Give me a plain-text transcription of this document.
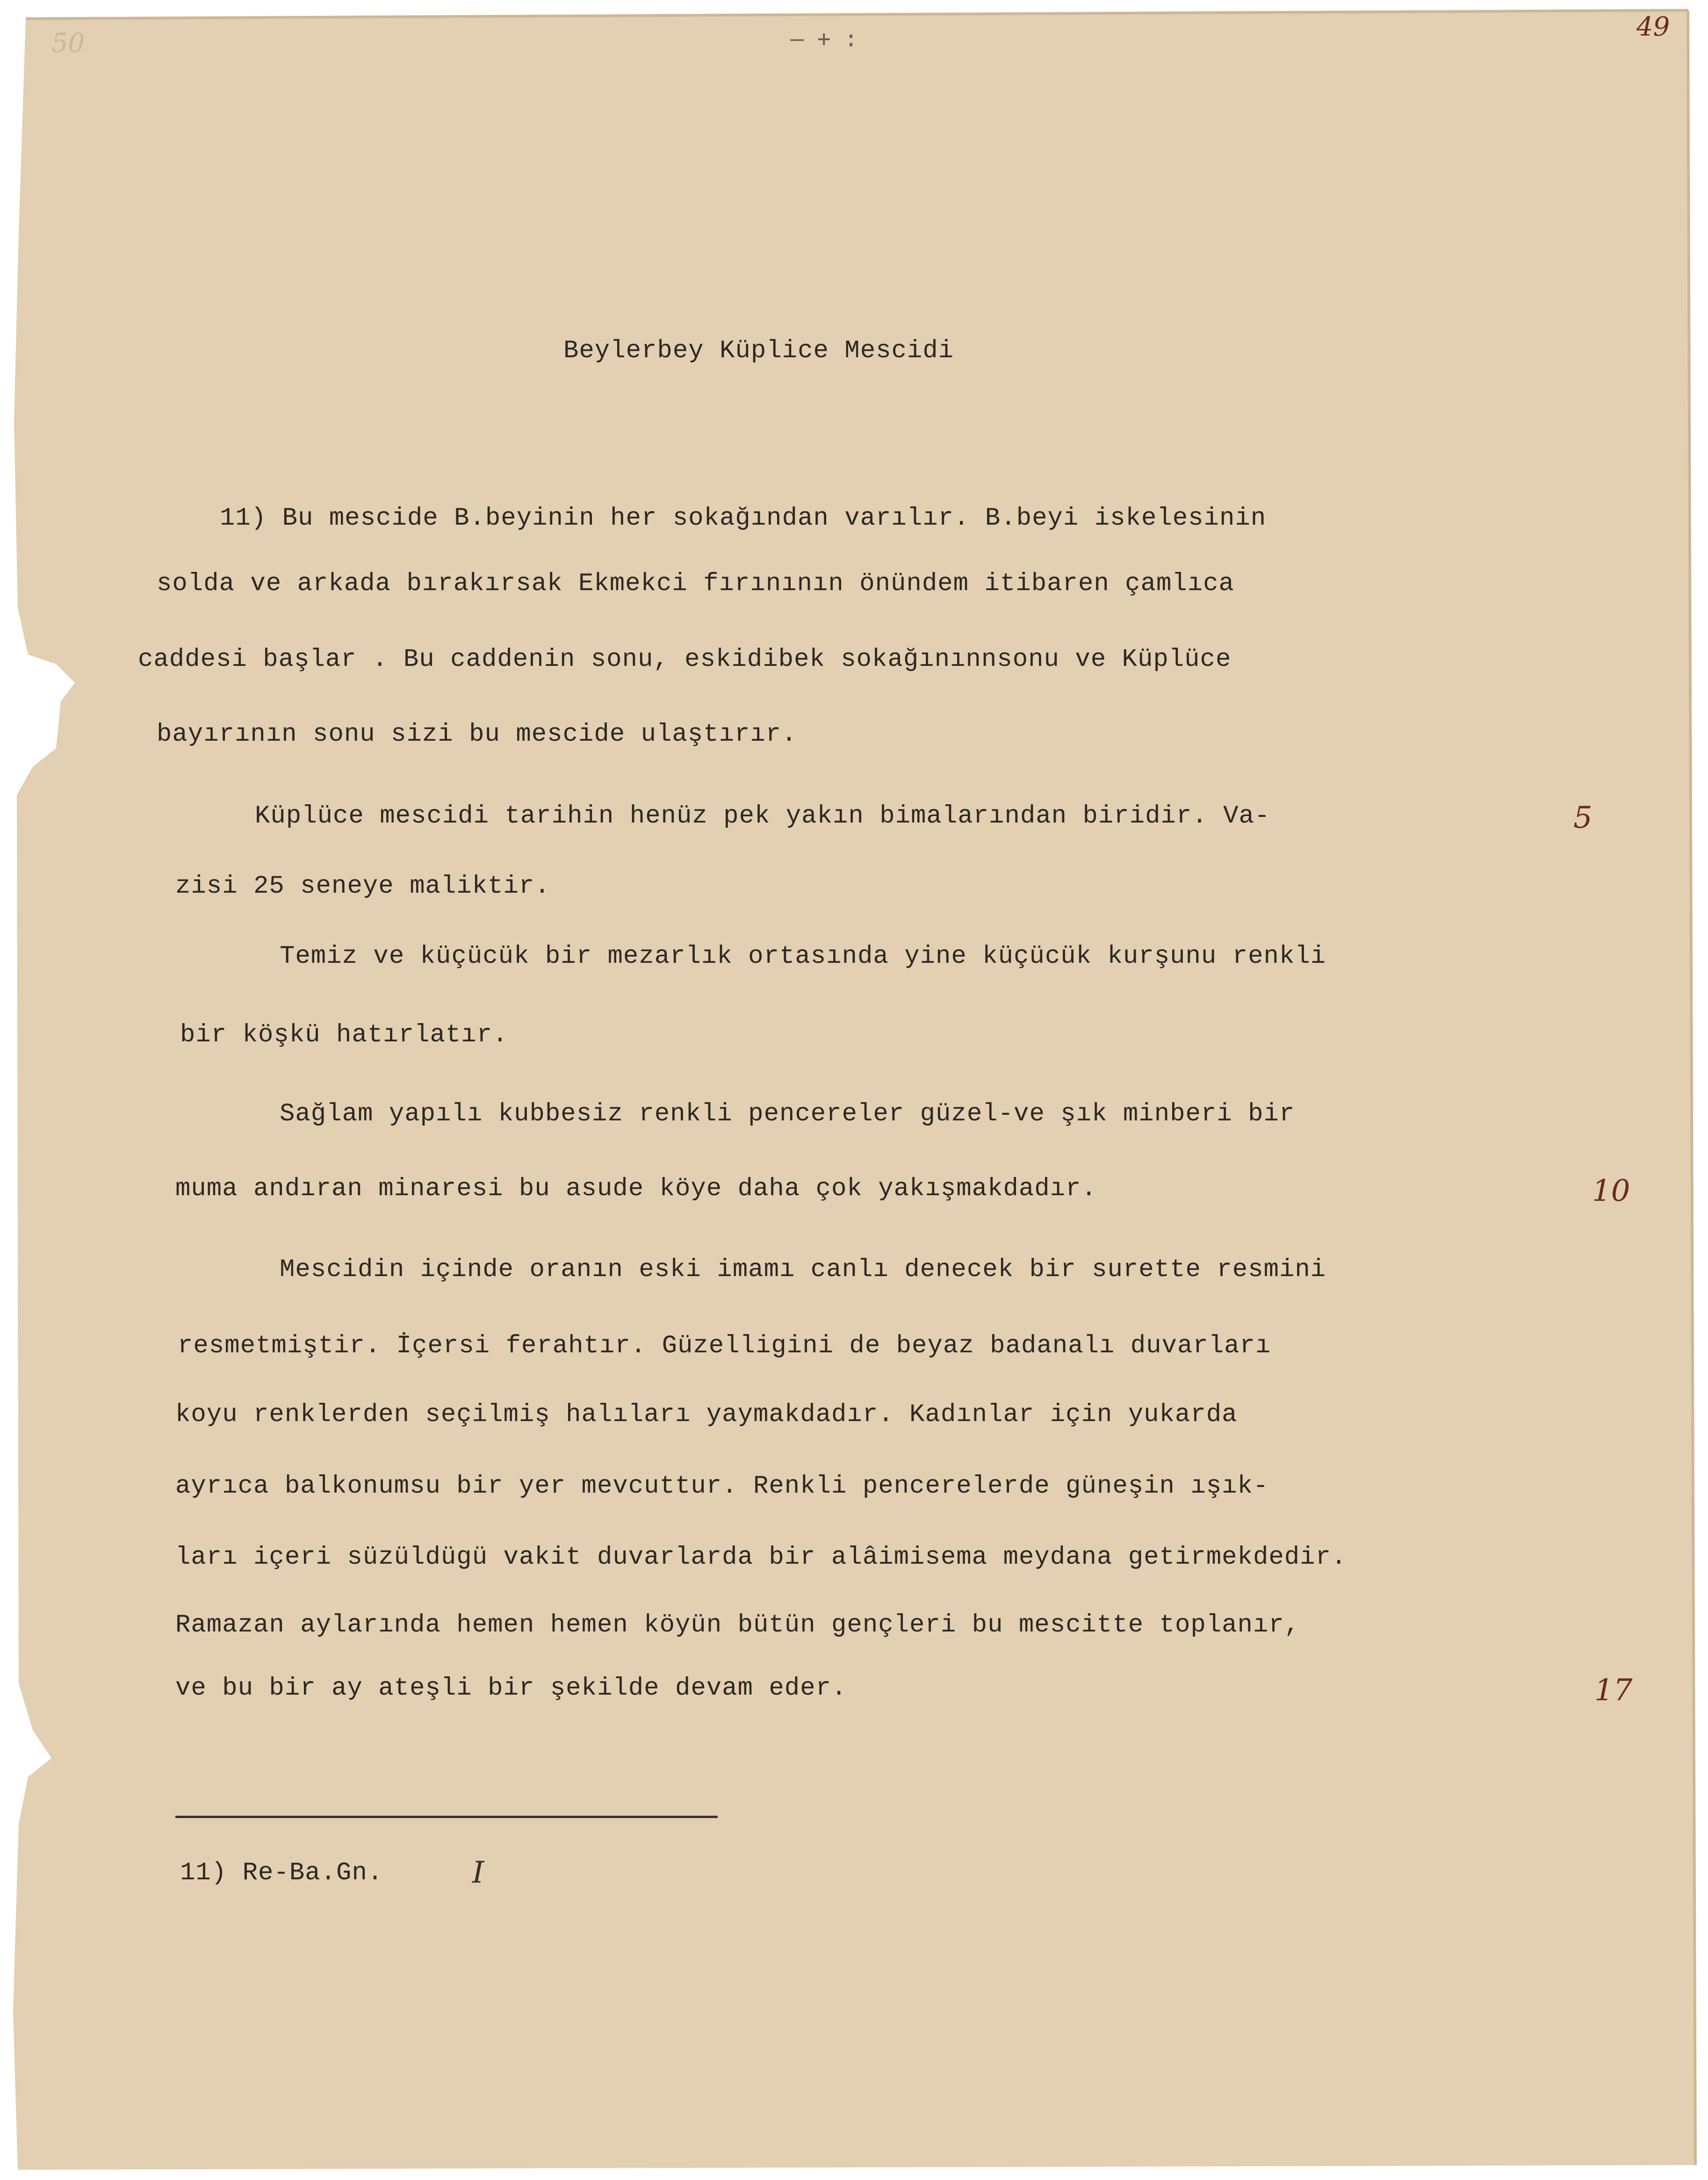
— + :
50
49
Beylerbey Küplice Mescidi
11) Bu mescide B.beyinin her sokağından varılır. B.beyi iskelesinin
solda ve arkada bırakırsak Ekmekci fırınının önündem itibaren çamlıca
caddesi başlar . Bu caddenin sonu, eskidibek sokağınınnsonu ve Küplüce
bayırının sonu sizi bu mescide ulaştırır.
Küplüce mescidi tarihin henüz pek yakın bimalarından biridir. Va-	5
zisi 25 seneye maliktir.
Temiz ve küçücük bir mezarlık ortasında yine küçücük kurşunu renkli
bir köşkü hatırlatır.
Sağlam yapılı kubbesiz renkli pencereler güzel-ve şık minberi bir
muma andıran minaresi bu asude köye daha çok yakışmakdadır.	10
Mescidin içinde oranın eski imamı canlı denecek bir surette resmini
resmetmiştir. İçersi ferahtır. Güzelligini de beyaz badanalı duvarları
koyu renklerden seçilmiş halıları yaymakdadır. Kadınlar için yukarda
ayrıca balkonumsu bir yer mevcuttur. Renkli pencerelerde güneşin ışık-
ları içeri süzüldügü vakit duvarlarda bir alâimisema meydana getirmekdedir.
Ramazan aylarında hemen hemen köyün bütün gençleri bu mescitte toplanır,
ve bu bir ay ateşli bir şekilde devam eder.	17
11) Re-Ba.Gn.	I
